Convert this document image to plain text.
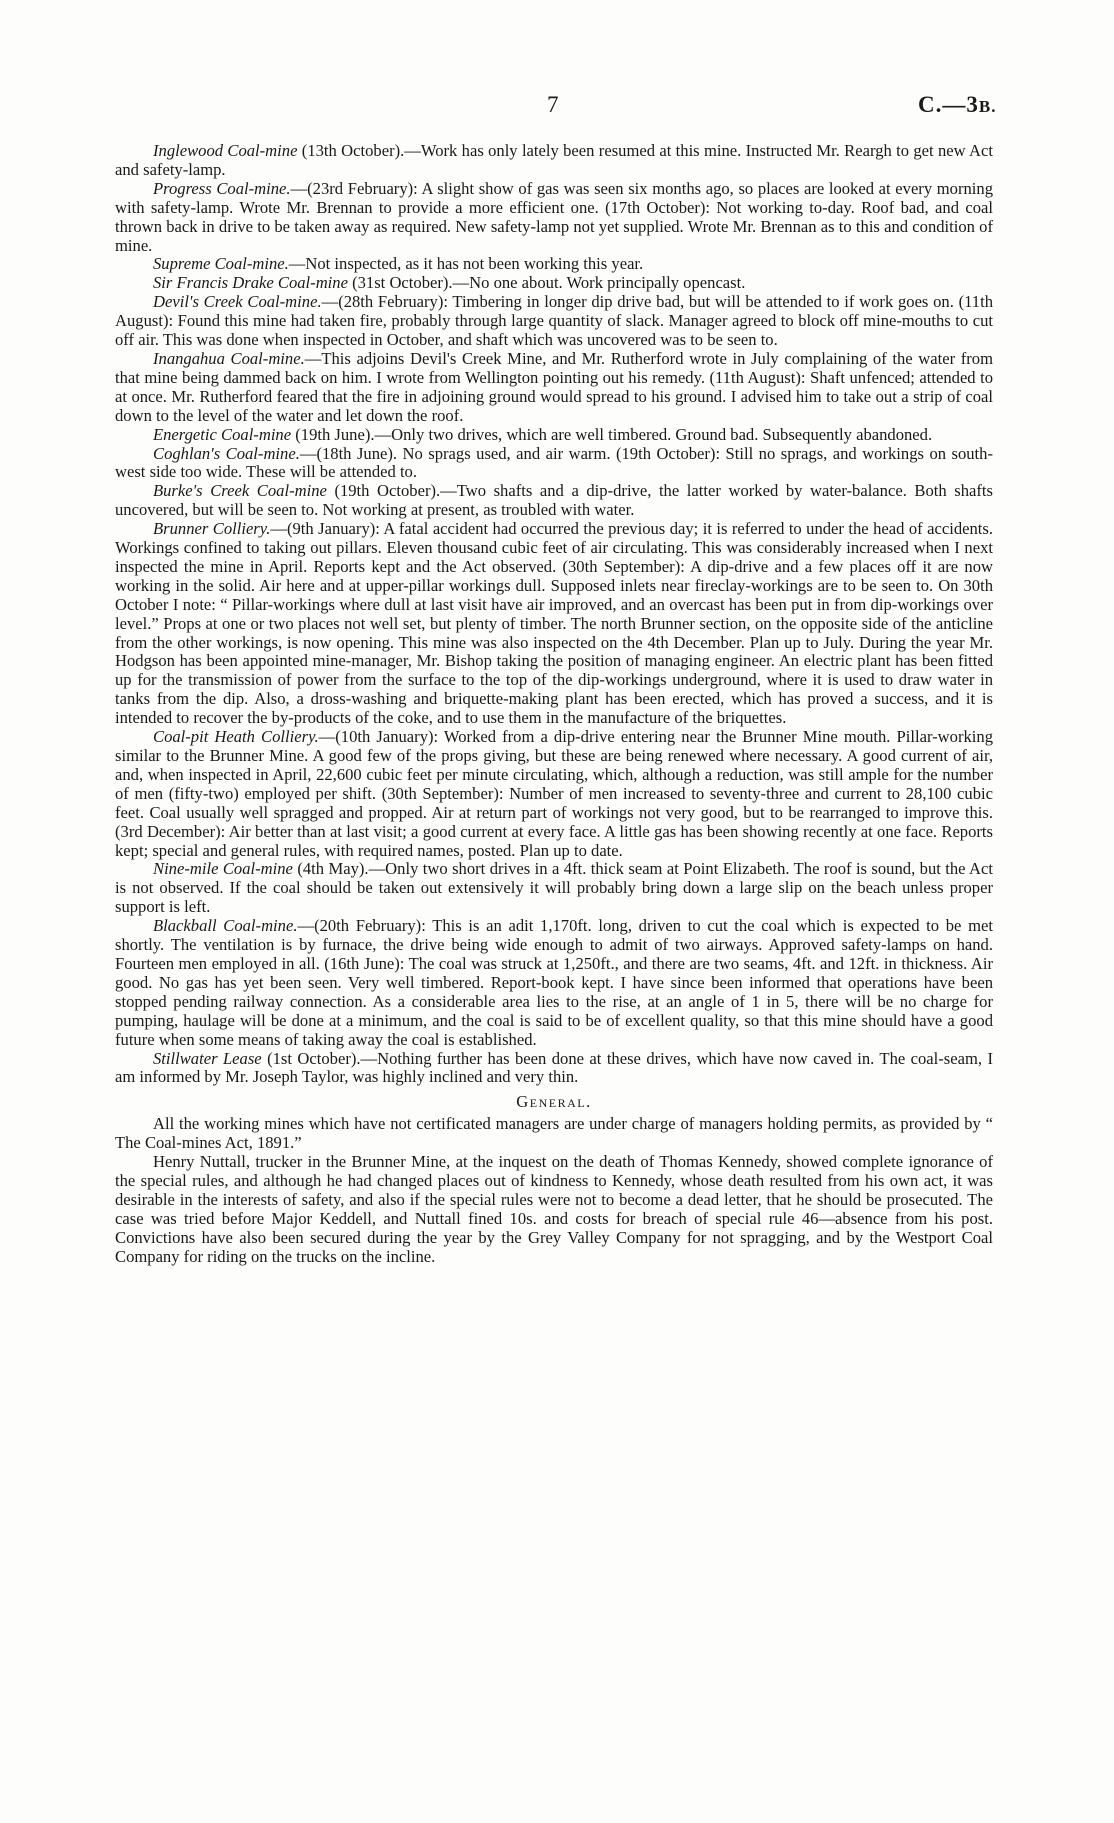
7	C.—3B.

Inglewood Coal-mine (13th October).—Work has only lately been resumed at this mine. Instructed Mr. Reargh to get new Act and safety-lamp.

Progress Coal-mine.—(23rd February): A slight show of gas was seen six months ago, so places are looked at every morning with safety-lamp. Wrote Mr. Brennan to provide a more efficient one. (17th October): Not working to-day. Roof bad, and coal thrown back in drive to be taken away as required. New safety-lamp not yet supplied. Wrote Mr. Brennan as to this and condition of mine.

Supreme Coal-mine.—Not inspected, as it has not been working this year.

Sir Francis Drake Coal-mine (31st October).—No one about. Work principally opencast.

Devil's Creek Coal-mine.—(28th February): Timbering in longer dip drive bad, but will be attended to if work goes on. (11th August): Found this mine had taken fire, probably through large quantity of slack. Manager agreed to block off mine-mouths to cut off air. This was done when inspected in October, and shaft which was uncovered was to be seen to.

Inangahua Coal-mine.—This adjoins Devil's Creek Mine, and Mr. Rutherford wrote in July complaining of the water from that mine being dammed back on him. I wrote from Wellington pointing out his remedy. (11th August): Shaft unfenced; attended to at once. Mr. Rutherford feared that the fire in adjoining ground would spread to his ground. I advised him to take out a strip of coal down to the level of the water and let down the roof.

Energetic Coal-mine (19th June).—Only two drives, which are well timbered. Ground bad. Subsequently abandoned.

Coghlan's Coal-mine.—(18th June). No sprags used, and air warm. (19th October): Still no sprags, and workings on south-west side too wide. These will be attended to.

Burke's Creek Coal-mine (19th October).—Two shafts and a dip-drive, the latter worked by water-balance. Both shafts uncovered, but will be seen to. Not working at present, as troubled with water.

Brunner Colliery.—(9th January): A fatal accident had occurred the previous day; it is referred to under the head of accidents. Workings confined to taking out pillars. Eleven thousand cubic feet of air circulating. This was considerably increased when I next inspected the mine in April. Reports kept and the Act observed. (30th September): A dip-drive and a few places off it are now working in the solid. Air here and at upper-pillar workings dull. Supposed inlets near fireclay-workings are to be seen to. On 30th October I note: “ Pillar-workings where dull at last visit have air improved, and an overcast has been put in from dip-workings over level.” Props at one or two places not well set, but plenty of timber. The north Brunner section, on the opposite side of the anticline from the other workings, is now opening. This mine was also inspected on the 4th December. Plan up to July. During the year Mr. Hodgson has been appointed mine-manager, Mr. Bishop taking the position of managing engineer. An electric plant has been fitted up for the transmission of power from the surface to the top of the dip-workings underground, where it is used to draw water in tanks from the dip. Also, a dross-washing and briquette-making plant has been erected, which has proved a success, and it is intended to recover the by-products of the coke, and to use them in the manufacture of the briquettes.

Coal-pit Heath Colliery.—(10th January): Worked from a dip-drive entering near the Brunner Mine mouth. Pillar-working similar to the Brunner Mine. A good few of the props giving, but these are being renewed where necessary. A good current of air, and, when inspected in April, 22,600 cubic feet per minute circulating, which, although a reduction, was still ample for the number of men (fifty-two) employed per shift. (30th September): Number of men increased to seventy-three and current to 28,100 cubic feet. Coal usually well spragged and propped. Air at return part of workings not very good, but to be rearranged to improve this. (3rd December): Air better than at last visit; a good current at every face. A little gas has been showing recently at one face. Reports kept; special and general rules, with required names, posted. Plan up to date.

Nine-mile Coal-mine (4th May).—Only two short drives in a 4ft. thick seam at Point Elizabeth. The roof is sound, but the Act is not observed. If the coal should be taken out extensively it will probably bring down a large slip on the beach unless proper support is left.

Blackball Coal-mine.—(20th February): This is an adit 1,170ft. long, driven to cut the coal which is expected to be met shortly. The ventilation is by furnace, the drive being wide enough to admit of two airways. Approved safety-lamps on hand. Fourteen men employed in all. (16th June): The coal was struck at 1,250ft., and there are two seams, 4ft. and 12ft. in thickness. Air good. No gas has yet been seen. Very well timbered. Report-book kept. I have since been informed that operations have been stopped pending railway connection. As a considerable area lies to the rise, at an angle of 1 in 5, there will be no charge for pumping, haulage will be done at a minimum, and the coal is said to be of excellent quality, so that this mine should have a good future when some means of taking away the coal is established.

Stillwater Lease (1st October).—Nothing further has been done at these drives, which have now caved in. The coal-seam, I am informed by Mr. Joseph Taylor, was highly inclined and very thin.

General.

All the working mines which have not certificated managers are under charge of managers holding permits, as provided by “ The Coal-mines Act, 1891.”

Henry Nuttall, trucker in the Brunner Mine, at the inquest on the death of Thomas Kennedy, showed complete ignorance of the special rules, and although he had changed places out of kindness to Kennedy, whose death resulted from his own act, it was desirable in the interests of safety, and also if the special rules were not to become a dead letter, that he should be prosecuted. The case was tried before Major Keddell, and Nuttall fined 10s. and costs for breach of special rule 46—absence from his post. Convictions have also been secured during the year by the Grey Valley Company for not spragging, and by the Westport Coal Company for riding on the trucks on the incline.
